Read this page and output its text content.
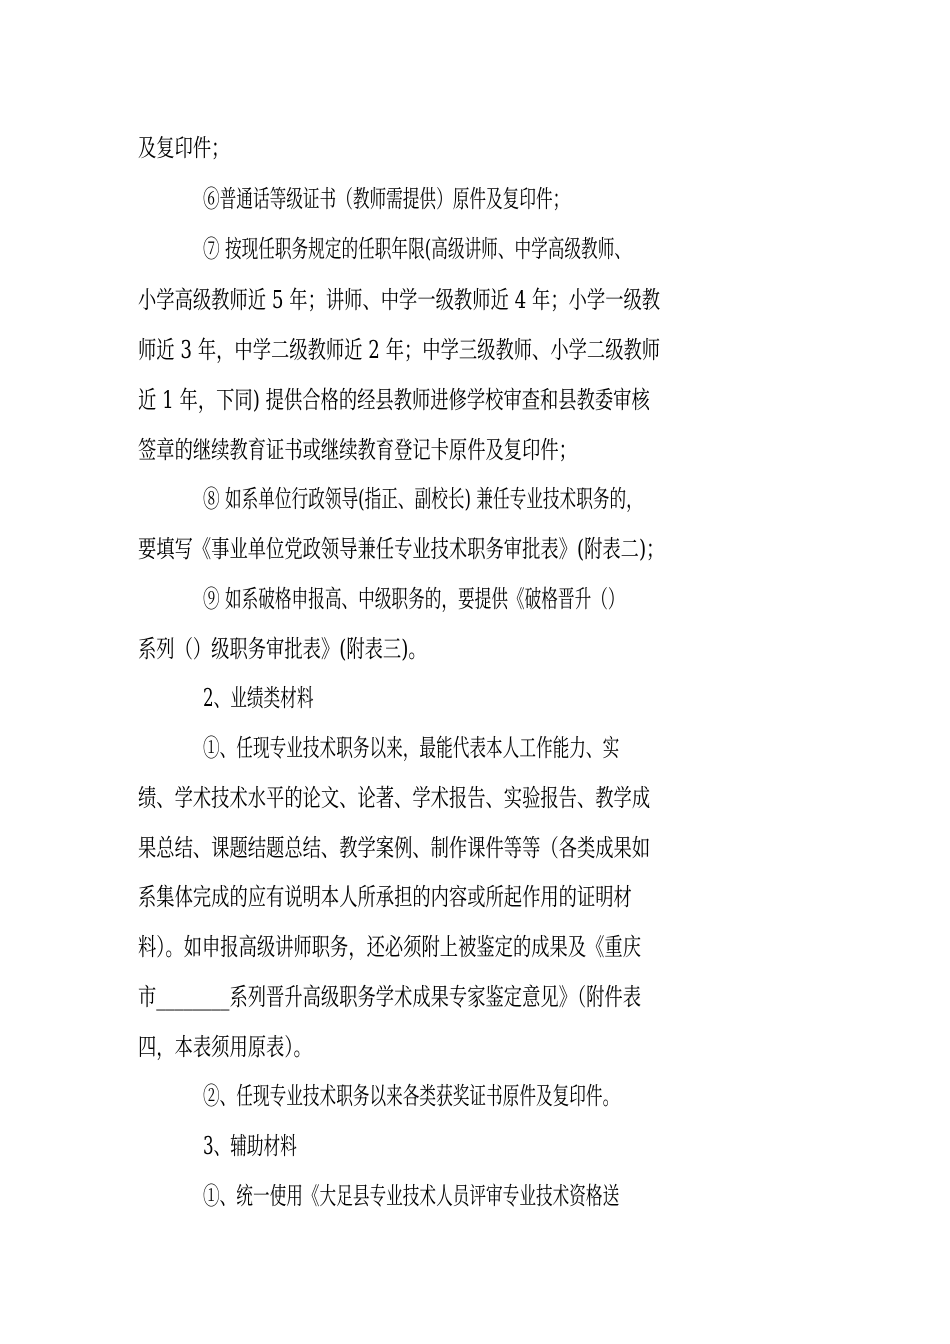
及复印件；
⑥普通话等级证书（教师需提供）原件及复印件；
⑦ 按现任职务规定的任职年限(高级讲师、中学高级教师、
小学高级教师近 5 年；讲师、中学一级教师近 4 年；小学一级教
师近 3 年，中学二级教师近 2 年；中学三级教师、小学二级教师
近 1 年，下同) 提供合格的经县教师进修学校审查和县教委审核
签章的继续教育证书或继续教育登记卡原件及复印件；
⑧ 如系单位行政领导(指正、副校长) 兼任专业技术职务的，
要填写《事业单位党政领导兼任专业技术职务审批表》(附表二)；
⑨ 如系破格申报高、中级职务的，要提供《破格晋升（）
系列（）级职务审批表》(附表三)。
2、业绩类材料
①、任现专业技术职务以来，最能代表本人工作能力、实
绩、学术技术水平的论文、论著、学术报告、实验报告、教学成
果总结、课题结题总结、教学案例、制作课件等等（各类成果如
系集体完成的应有说明本人所承担的内容或所起作用的证明材
料）。如申报高级讲师职务，还必须附上被鉴定的成果及《重庆
市________系列晋升高级职务学术成果专家鉴定意见》（附件表
四，本表须用原表）。
②、任现专业技术职务以来各类获奖证书原件及复印件。
3、辅助材料
①、统一使用《大足县专业技术人员评审专业技术资格送
